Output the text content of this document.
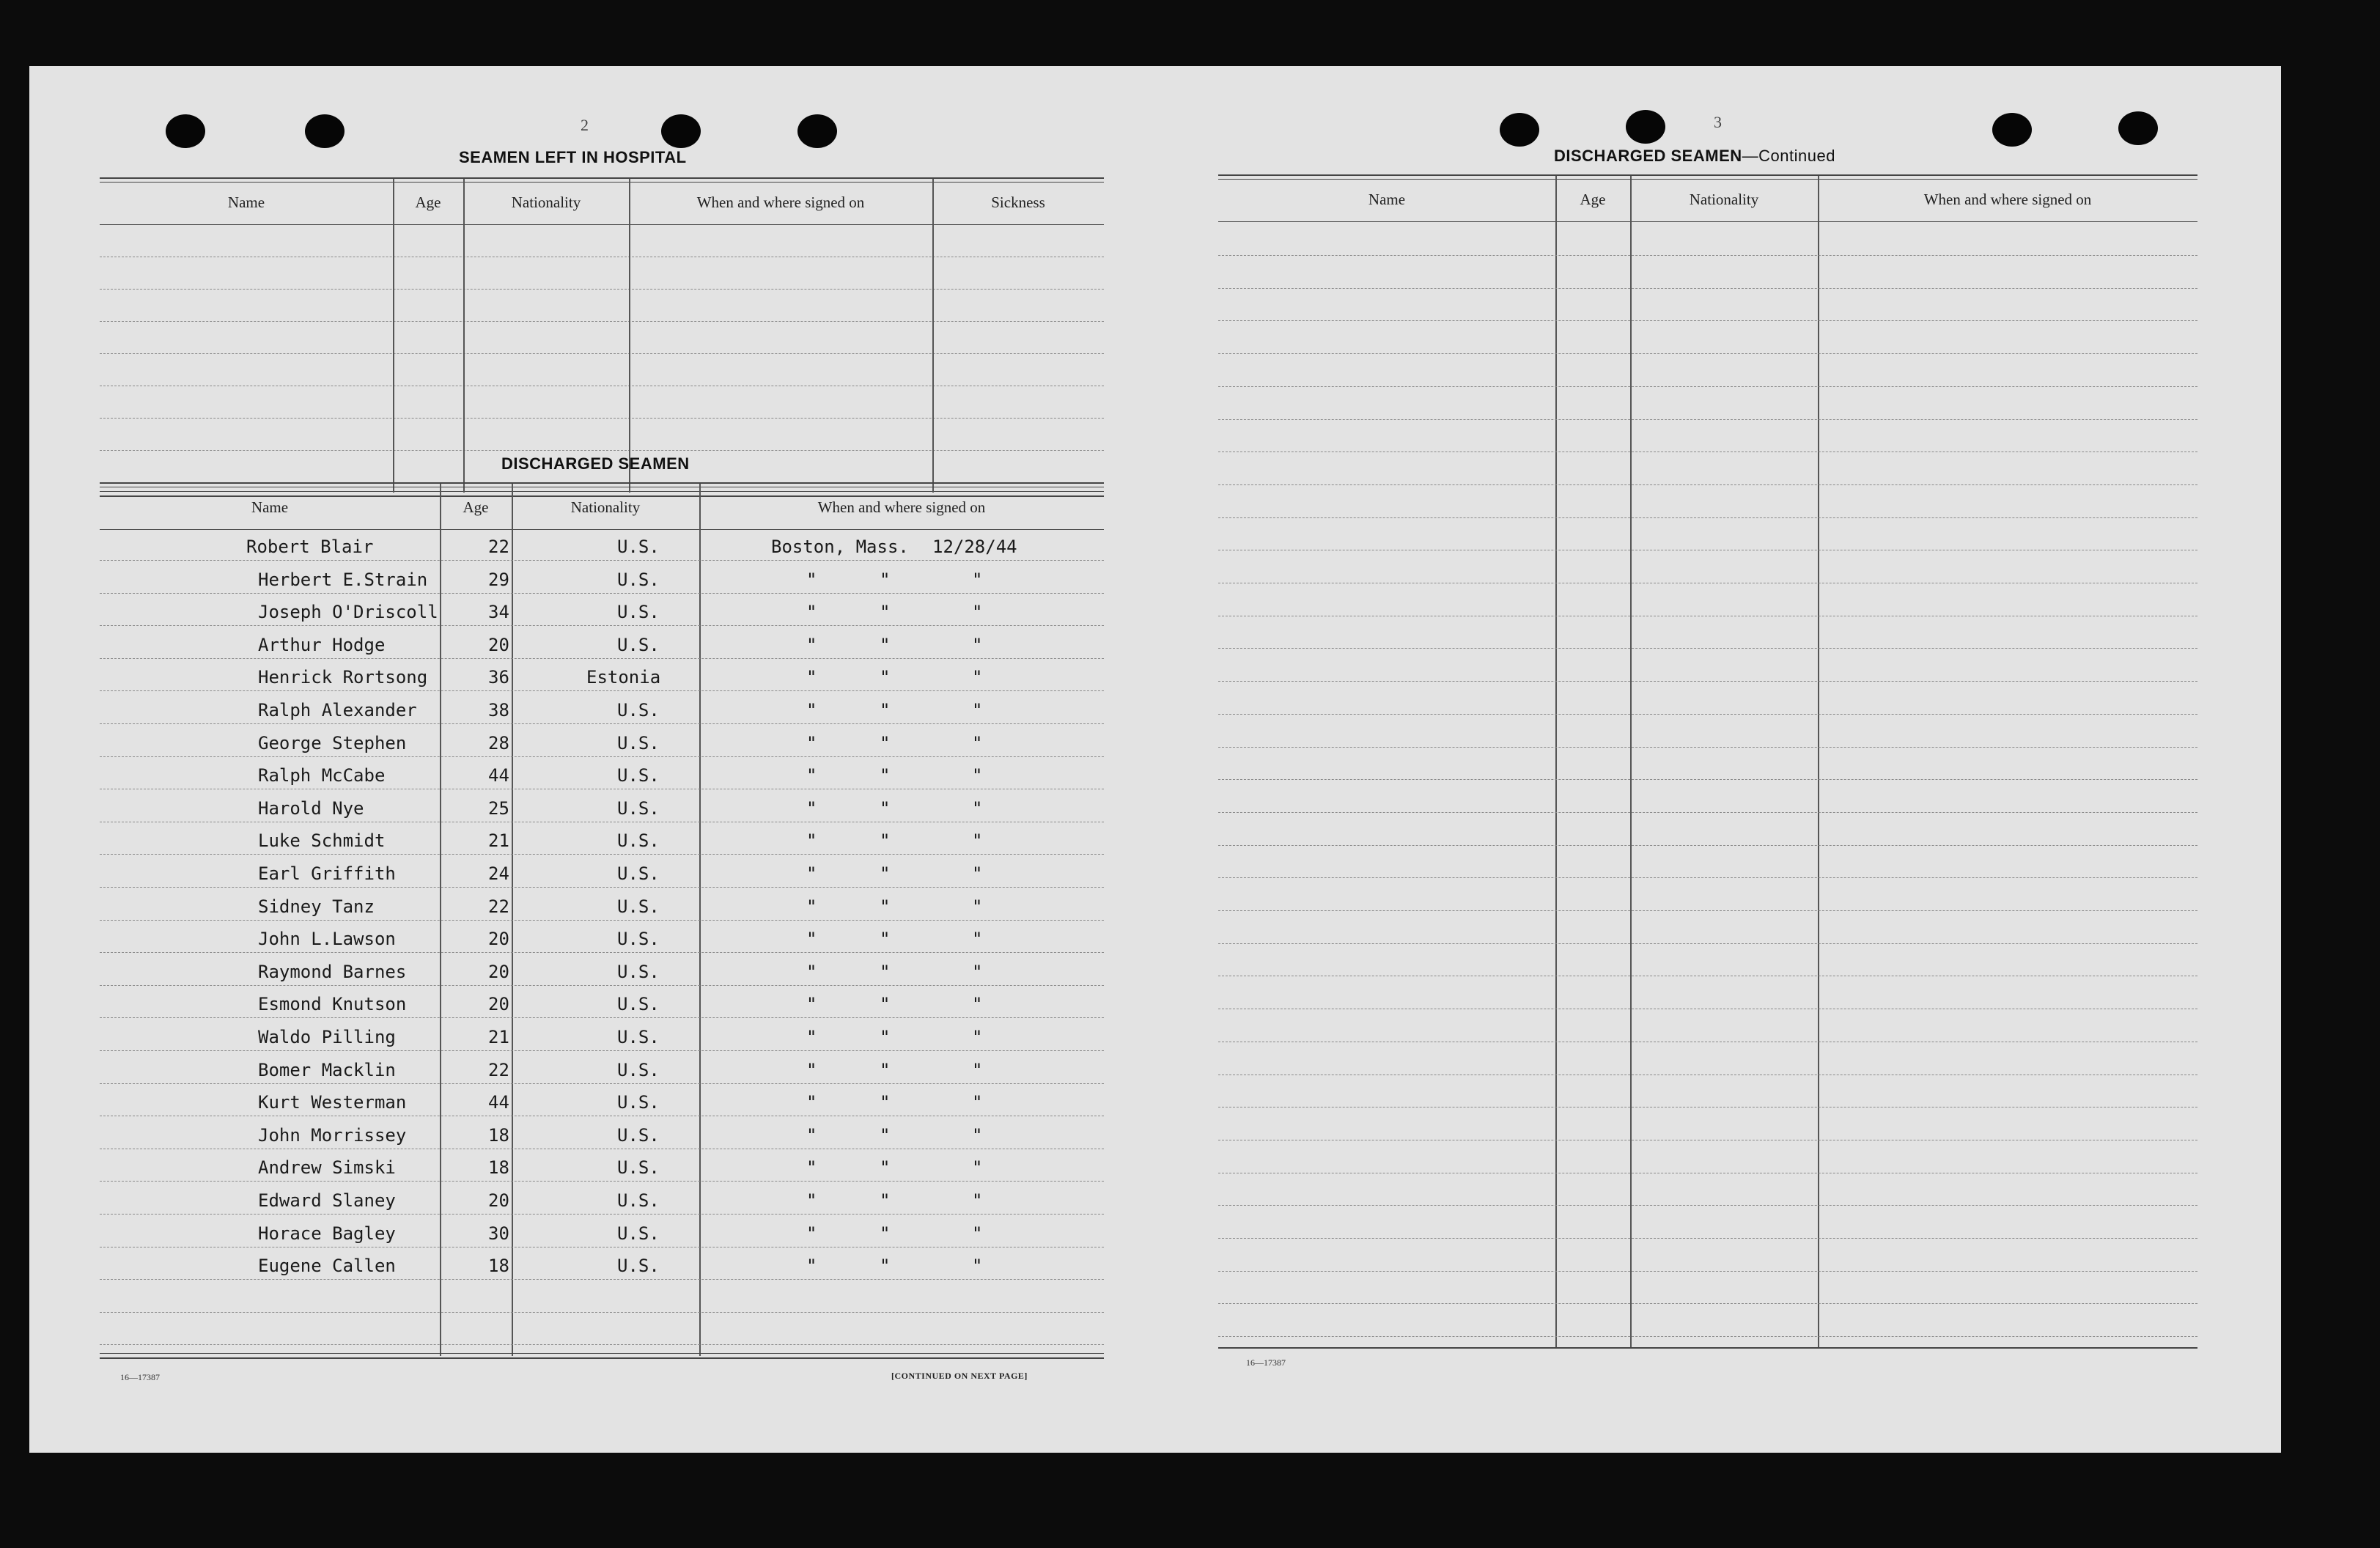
2
SEAMEN LEFT IN HOSPITAL
Name	Age	Nationality	When and where signed on	Sickness
DISCHARGED SEAMEN
Name	Age	Nationality	When and where signed on
Robert Blair	22	U.S.	Boston, Mass. 12/28/44
Herbert E.Strain	29	U.S.	"	"	"
Joseph O'Driscoll	34	U.S.	"	"	"
Arthur Hodge	20	U.S.	"	"	"
Henrick Rortsong	36	Estonia	"	"	"
Ralph Alexander	38	U.S.	"	"	"
George Stephen	28	U.S.	"	"	"
Ralph McCabe	44	U.S.	"	"	"
Harold Nye	25	U.S.	"	"	"
Luke Schmidt	21	U.S.	"	"	"
Earl Griffith	24	U.S.	"	"	"
Sidney Tanz	22	U.S.	"	"	"
John L.Lawson	20	U.S.	"	"	"
Raymond Barnes	20	U.S.	"	"	"
Esmond Knutson	20	U.S.	"	"	"
Waldo Pilling	21	U.S.	"	"	"
Bomer Macklin	22	U.S.	"	"	"
Kurt Westerman	44	U.S.	"	"	"
John Morrissey	18	U.S.	"	"	"
Andrew Simski	18	U.S.	"	"	"
Edward Slaney	20	U.S.	"	"	"
Horace Bagley	30	U.S.	"	"	"
Eugene Callen	18	U.S.	"	"	"
16—17387	[CONTINUED ON NEXT PAGE]
3
DISCHARGED SEAMEN—Continued
Name	Age	Nationality	When and where signed on
16—17387
